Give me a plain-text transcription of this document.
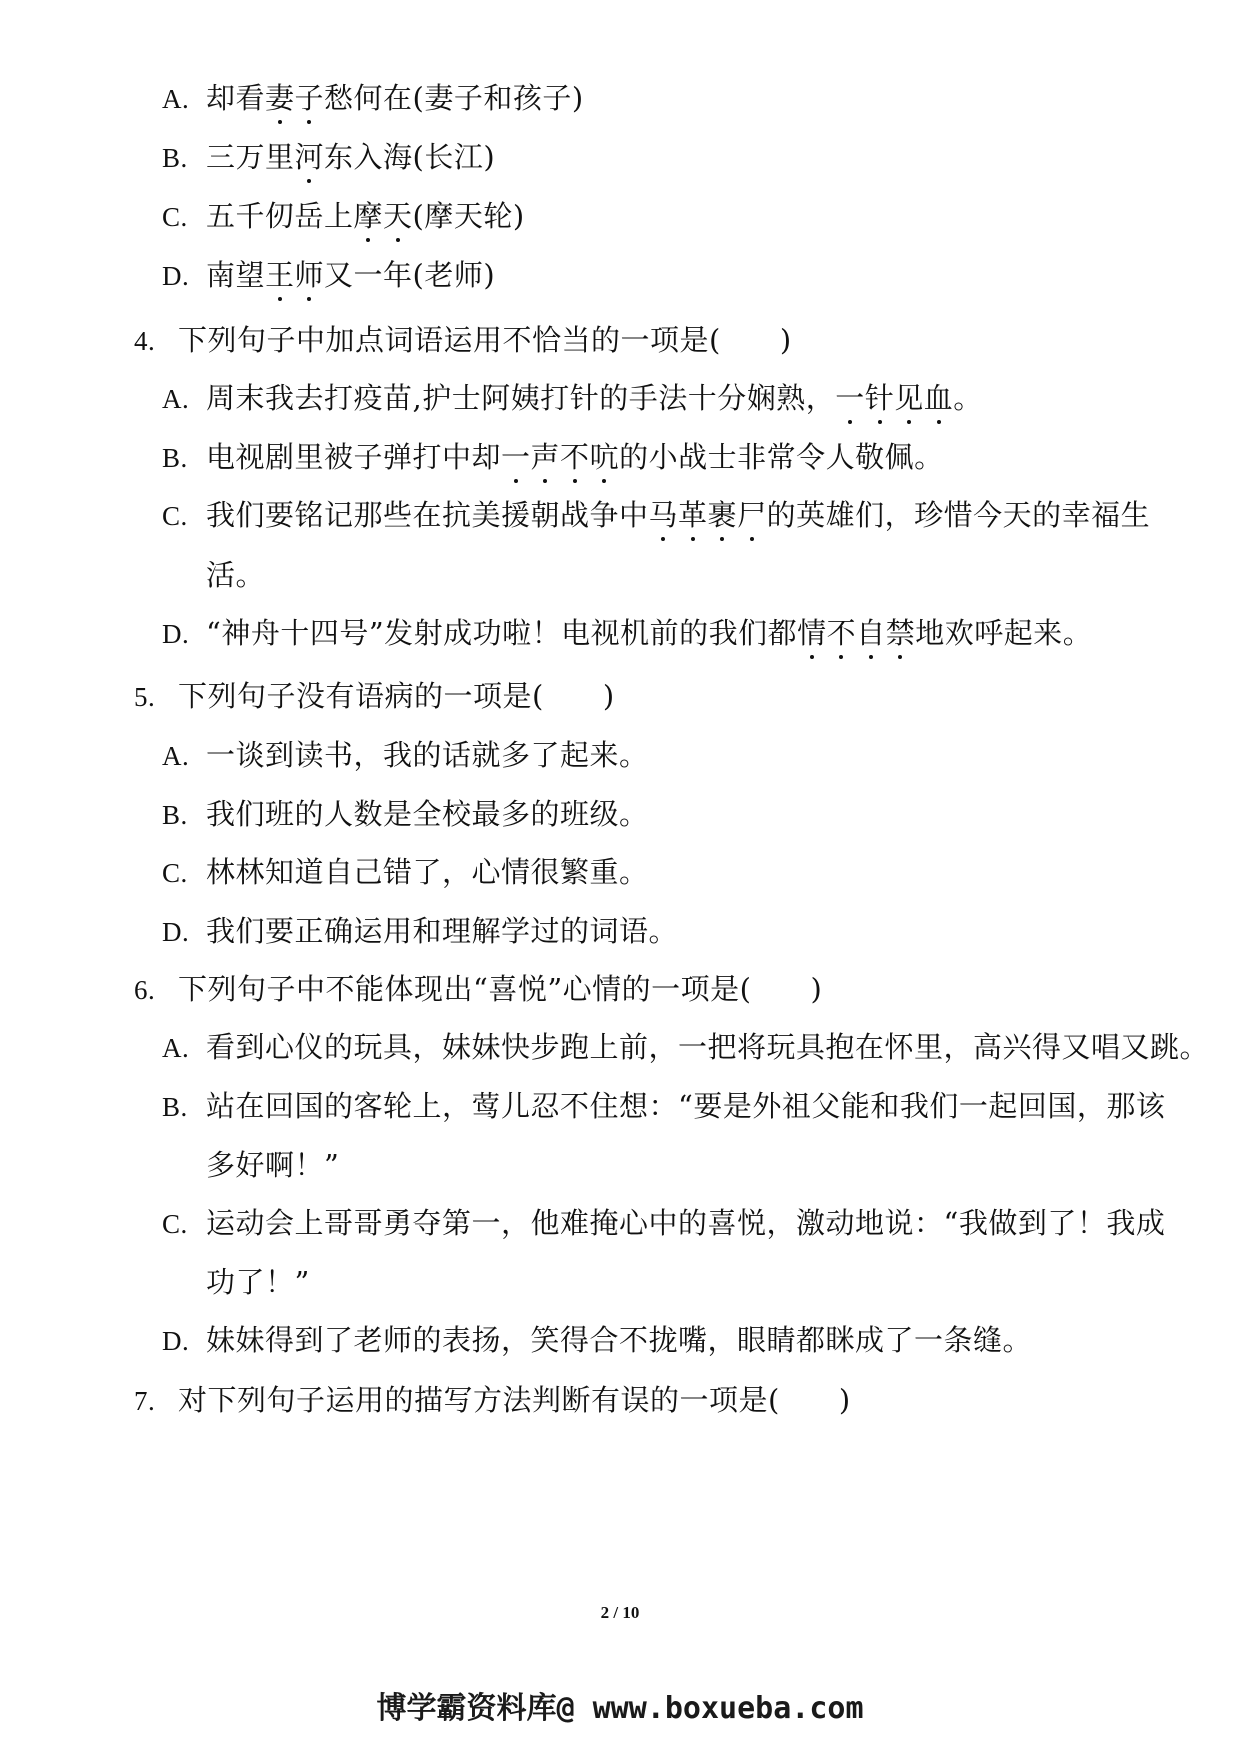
A. 却看妻子愁何在(妻子和孩子)
B. 三万里河东入海(长江)
C. 五千仞岳上摩天(摩天轮)
D. 南望王师又一年(老师)
4. 下列句子中加点词语运用不恰当的一项是(　　)
A. 周末我去打疫苗,护士阿姨打针的手法十分娴熟，一针见血。
B. 电视剧里被子弹打中却一声不吭的小战士非常令人敬佩。
C. 我们要铭记那些在抗美援朝战争中马革裹尸的英雄们，珍惜今天的幸福生
活。
D. “神舟十四号”发射成功啦！电视机前的我们都情不自禁地欢呼起来。
5. 下列句子没有语病的一项是(　　)
A. 一谈到读书，我的话就多了起来。
B. 我们班的人数是全校最多的班级。
C. 林林知道自己错了，心情很繁重。
D. 我们要正确运用和理解学过的词语。
6. 下列句子中不能体现出“喜悦”心情的一项是(　　)
A. 看到心仪的玩具，妹妹快步跑上前，一把将玩具抱在怀里，高兴得又唱又跳。
B. 站在回国的客轮上，莺儿忍不住想：“要是外祖父能和我们一起回国，那该
多好啊！”
C. 运动会上哥哥勇夺第一，他难掩心中的喜悦，激动地说：“我做到了！我成
功了！”
D. 妹妹得到了老师的表扬，笑得合不拢嘴，眼睛都眯成了一条缝。
7. 对下列句子运用的描写方法判断有误的一项是(　　)
2 / 10
博学霸资料库@ www.boxueba.com
